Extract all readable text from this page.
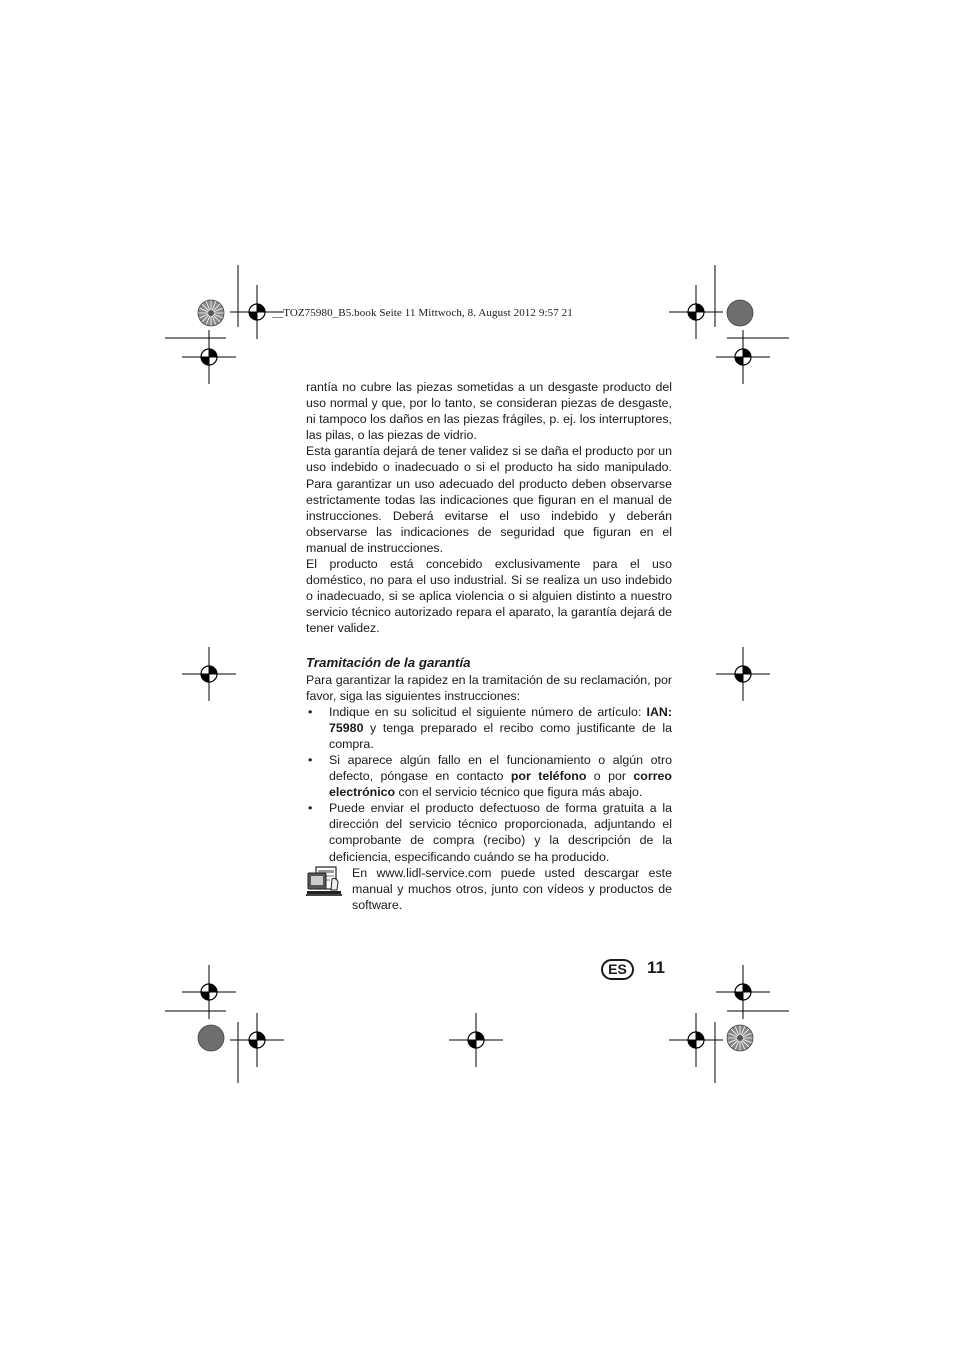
__TOZ75980_B5.book Seite 11 Mittwoch, 8. August 2012 9:57 21

rantía no cubre las piezas sometidas a un desgaste producto del uso normal y que, por lo tanto, se consideran piezas de desgaste, ni tampoco los daños en las piezas frágiles, p. ej. los interruptores, las pilas, o las piezas de vidrio.

Esta garantía dejará de tener validez si se daña el producto por un uso indebido o inadecuado o si el producto ha sido manipulado. Para garantizar un uso adecuado del producto deben observarse estrictamente todas las indicaciones que figuran en el manual de instrucciones. Deberá evitarse el uso indebido y deberán observarse las indicaciones de seguridad que figuran en el manual de instrucciones.

El producto está concebido exclusivamente para el uso doméstico, no para el uso industrial. Si se realiza un uso indebido o inadecuado, si se aplica violencia o si alguien distinto a nuestro servicio técnico autorizado repara el aparato, la garantía dejará de tener validez.

Tramitación de la garantía

Para garantizar la rapidez en la tramitación de su reclamación, por favor, siga las siguientes instrucciones:

• Indique en su solicitud el siguiente número de artículo: IAN: 75980 y tenga preparado el recibo como justificante de la compra.
• Si aparece algún fallo en el funcionamiento o algún otro defecto, póngase en contacto por teléfono o por correo electrónico con el servicio técnico que figura más abajo.
• Puede enviar el producto defectuoso de forma gratuita a la dirección del servicio técnico proporcionada, adjuntando el comprobante de compra (recibo) y la descripción de la deficiencia, especificando cuándo se ha producido.

En www.lidl-service.com puede usted descargar este manual y muchos otros, junto con vídeos y productos de software.

ES	11
